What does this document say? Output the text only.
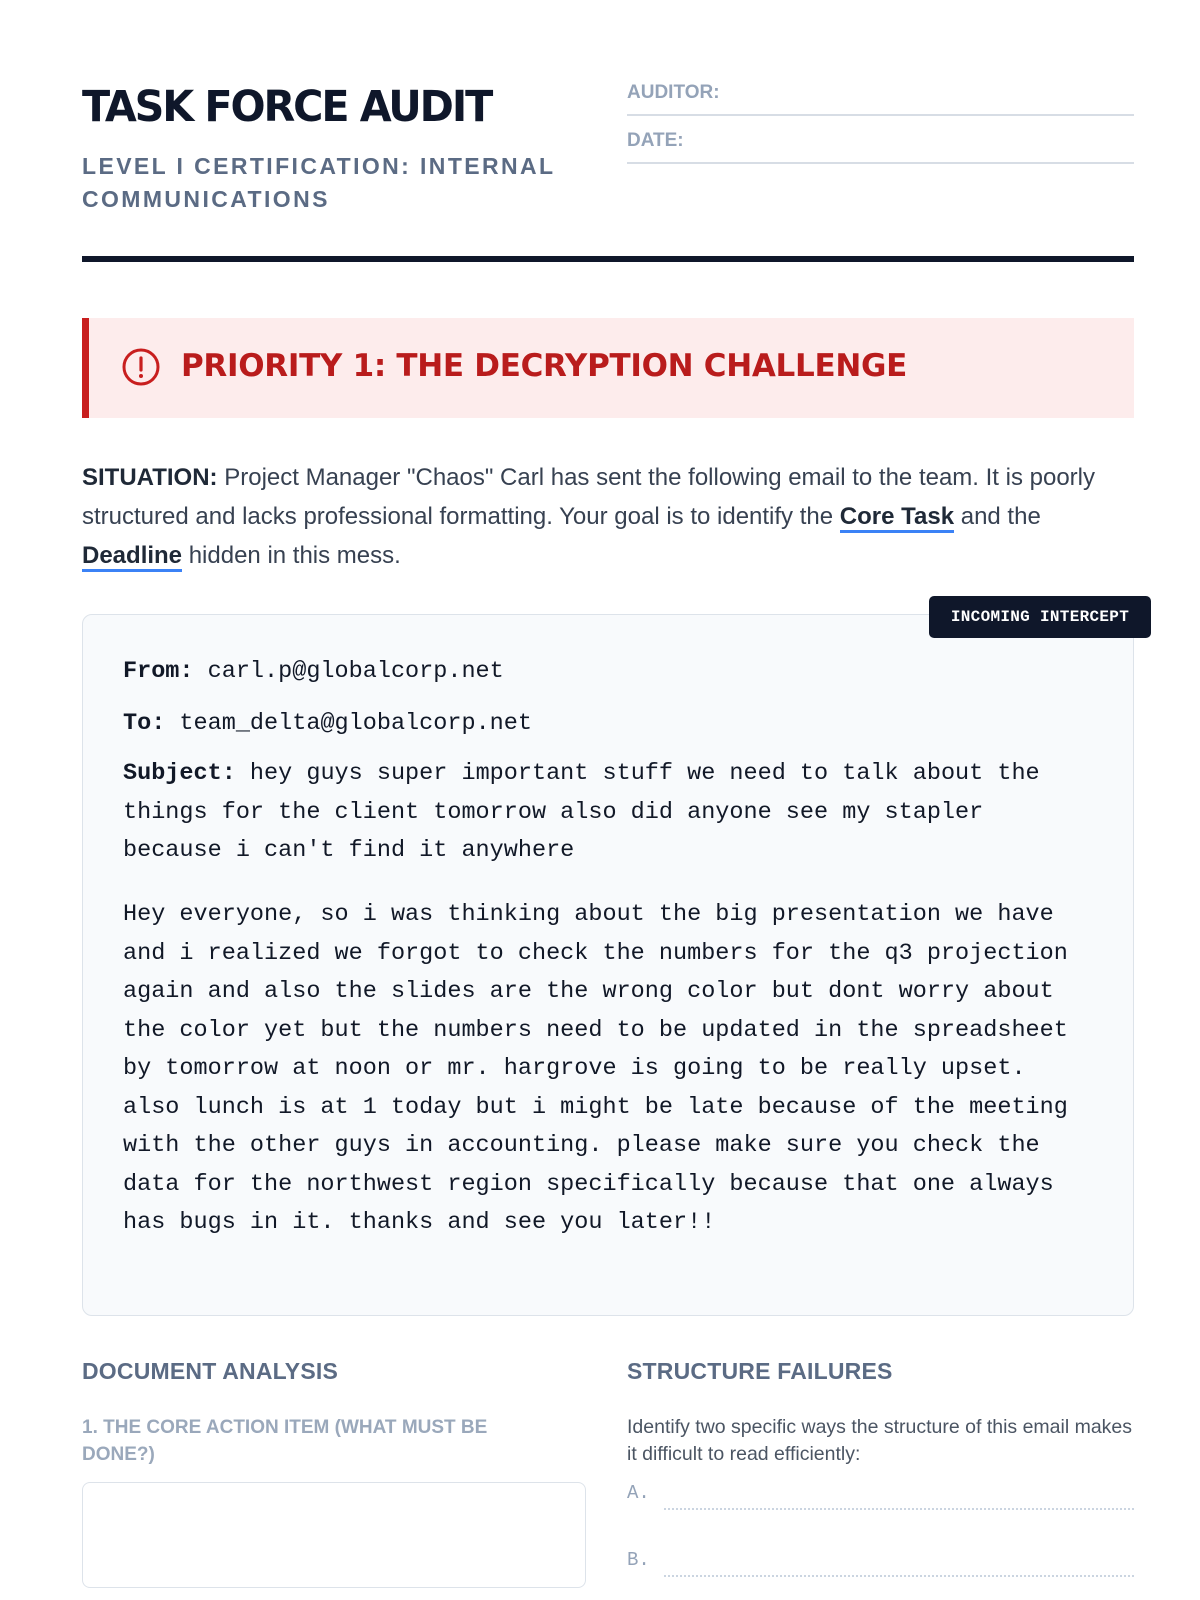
TASK FORCE AUDIT
LEVEL I CERTIFICATION: INTERNAL COMMUNICATIONS
AUDITOR:
DATE:
PRIORITY 1: THE DECRYPTION CHALLENGE
SITUATION: Project Manager "Chaos" Carl has sent the following email to the team. It is poorly structured and lacks professional formatting. Your goal is to identify the Core Task and the Deadline hidden in this mess.
INCOMING INTERCEPT
From: carl.p@globalcorp.net
To: team_delta@globalcorp.net
Subject: hey guys super important stuff we need to talk about the things for the client tomorrow also did anyone see my stapler because i can't find it anywhere
Hey everyone, so i was thinking about the big presentation we have and i realized we forgot to check the numbers for the q3 projection again and also the slides are the wrong color but dont worry about the color yet but the numbers need to be updated in the spreadsheet by tomorrow at noon or mr. hargrove is going to be really upset. also lunch is at 1 today but i might be late because of the meeting with the other guys in accounting. please make sure you check the data for the northwest region specifically because that one always has bugs in it. thanks and see you later!!
DOCUMENT ANALYSIS
1. THE CORE ACTION ITEM (WHAT MUST BE DONE?)
STRUCTURE FAILURES
Identify two specific ways the structure of this email makes it difficult to read efficiently:
A.
B.
